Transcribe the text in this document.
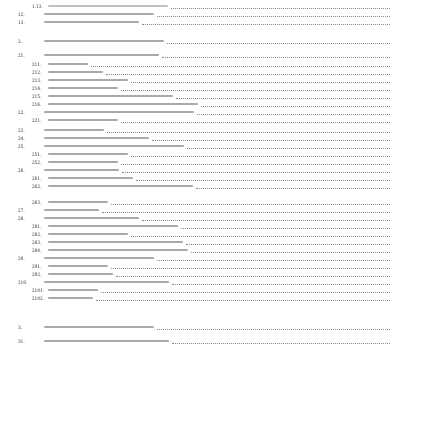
1.13.
12.
13.
2.
21.
211.
212.
213.
214.
215.
216.
22.
221.
23.
24.
25.
251.
252.
26.
261.
262.
263.
27.
28.
281.
282.
283.
284.
29.
291.
292.
210.
2101.
2102.
3.
31.
